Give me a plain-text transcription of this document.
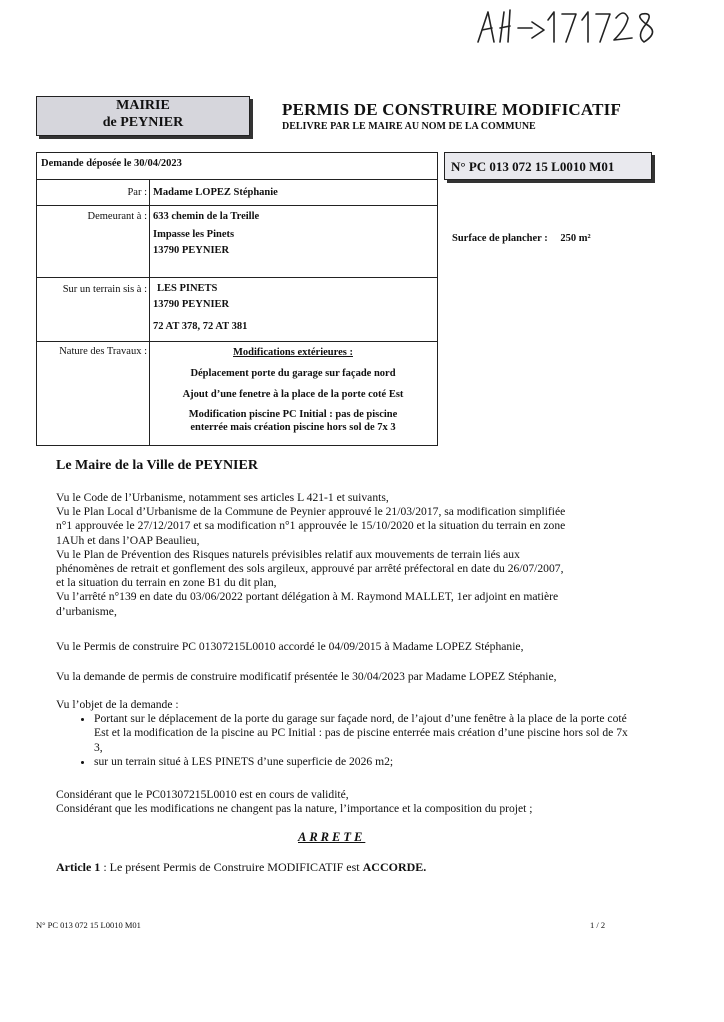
MAIRIE
de PEYNIER
PERMIS DE CONSTRUIRE MODIFICATIF
DELIVRE PAR LE MAIRE AU NOM DE LA COMMUNE
Demande déposée le 30/04/2023
Par : Madame LOPEZ Stéphanie
Demeurant à : 633 chemin de la Treille
Impasse les Pinets
13790 PEYNIER
Sur un terrain sis à : LES PINETS
13790 PEYNIER
72 AT 378, 72 AT 381
Nature des Travaux :	Modifications extérieures :
Déplacement porte du garage sur façade nord
Ajout d’une fenetre à la place de la porte coté Est
Modification piscine PC Initial : pas de piscine
enterrée mais création piscine hors sol de 7x 3
N° PC 013 072 15 L0010 M01
Surface de plancher : 250 m²
Le Maire de la Ville de PEYNIER
Vu le Code de l’Urbanisme, notamment ses articles L 421-1 et suivants,
Vu le Plan Local d’Urbanisme de la Commune de Peynier approuvé le 21/03/2017, sa modification simplifiée
n°1 approuvée le 27/12/2017 et sa modification n°1 approuvée le 15/10/2020 et la situation du terrain en zone
1AUh et dans l’OAP Beaulieu,
Vu le Plan de Prévention des Risques naturels prévisibles relatif aux mouvements de terrain liés aux
phénomènes de retrait et gonflement des sols argileux, approuvé par arrêté préfectoral en date du 26/07/2007,
et la situation du terrain en zone B1 du dit plan,
Vu l’arrêté n°139 en date du 03/06/2022 portant délégation à M. Raymond MALLET, 1er adjoint en matière
d’urbanisme,
Vu le Permis de construire PC 01307215L0010 accordé le 04/09/2015 à Madame LOPEZ Stéphanie,
Vu la demande de permis de construire modificatif présentée le 30/04/2023 par Madame LOPEZ Stéphanie,
Vu l’objet de la demande :
• Portant sur le déplacement de la porte du garage sur façade nord, de l’ajout d’une fenêtre à la place de la porte coté Est et la modification de la piscine au PC Initial : pas de piscine enterrée mais création d’une piscine hors sol de 7x 3,
• sur un terrain situé à LES PINETS d’une superficie de 2026 m2;
Considérant que le PC01307215L0010 est en cours de validité,
Considérant que les modifications ne changent pas la nature, l’importance et la composition du projet ;
ARRETE
Article 1 : Le présent Permis de Construire MODIFICATIF est ACCORDE.
N° PC 013 072 15 L0010 M01	1 / 2
